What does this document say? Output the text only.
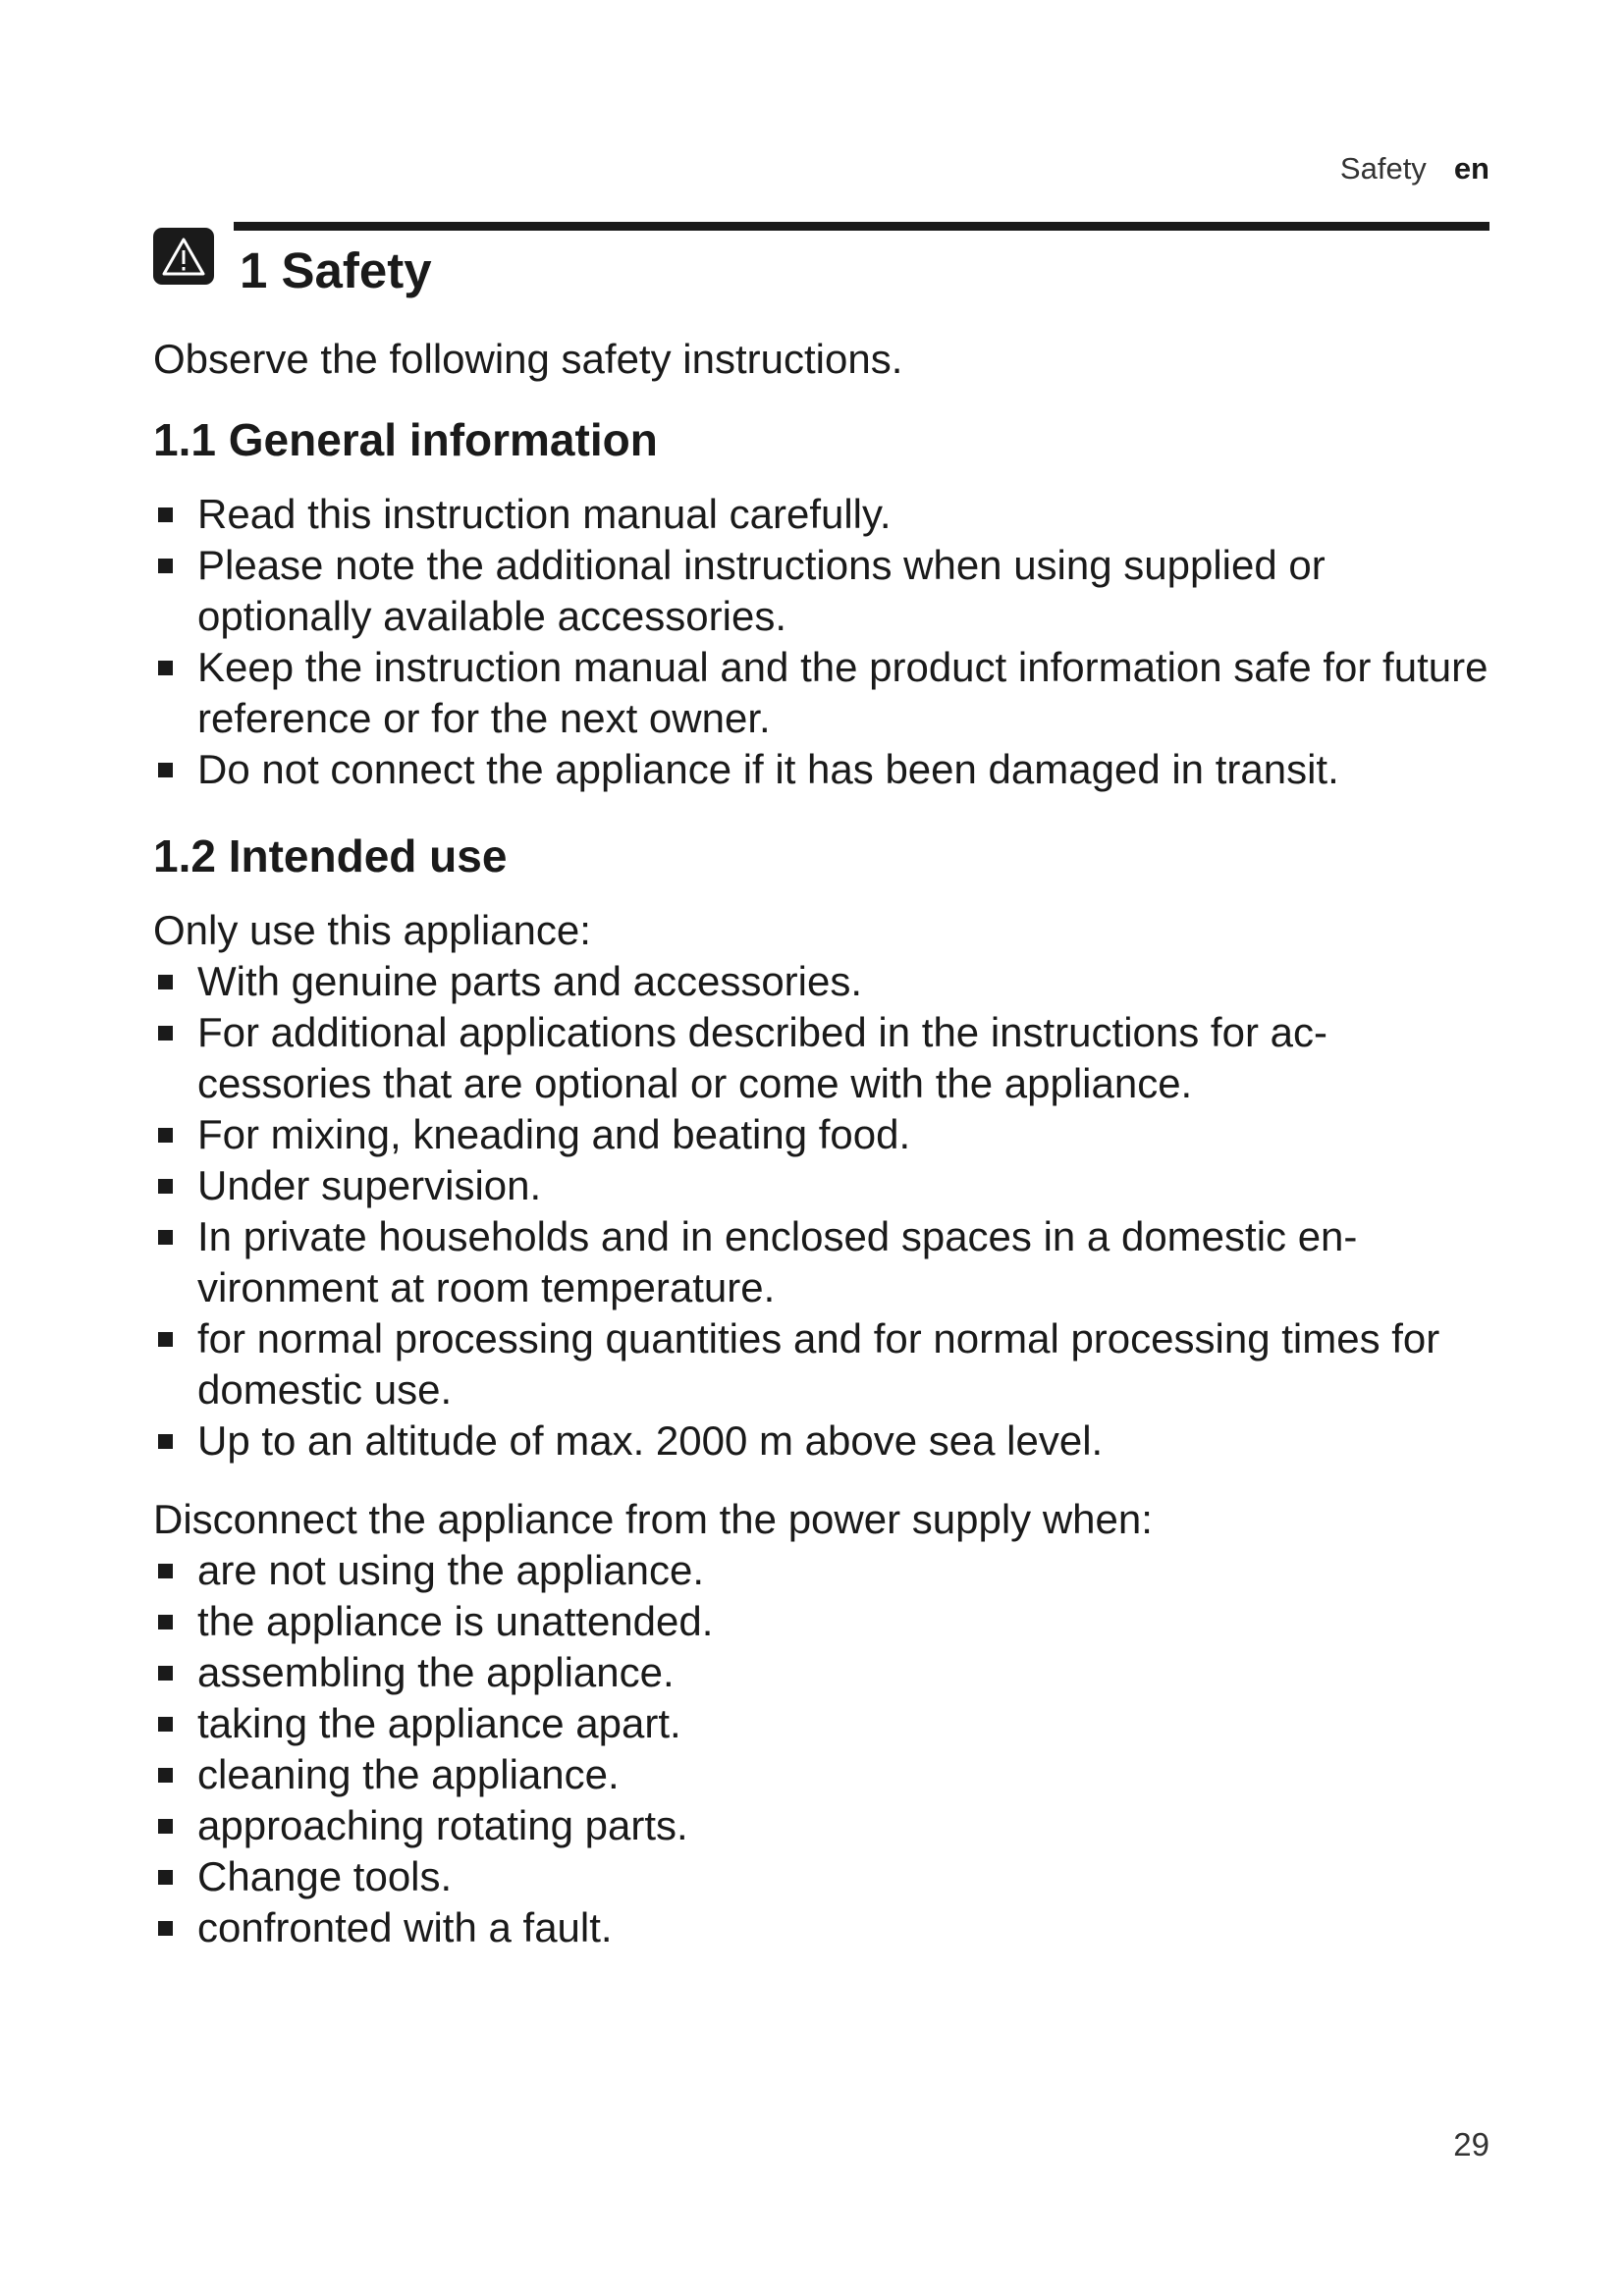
Safety en
1 Safety

Observe the following safety instructions.

1.1 General information
Read this instruction manual carefully.
Please note the additional instructions when using supplied or optionally available accessories.
Keep the instruction manual and the product information safe for future reference or for the next owner.
Do not connect the appliance if it has been damaged in transit.
1.2 Intended use

Only use this appliance:

With genuine parts and accessories.
For additional applications described in the instructions for ac-cessories that are optional or come with the appliance.
For mixing, kneading and beating food.
Under supervision.
In private households and in enclosed spaces in a domestic en-vironment at room temperature.
for normal processing quantities and for normal processing times for domestic use.
Up to an altitude of max. 2000 m above sea level.

Disconnect the appliance from the power supply when:

are not using the appliance.
the appliance is unattended.
assembling the appliance.
taking the appliance apart.
cleaning the appliance.
approaching rotating parts.
Change tools.
confronted with a fault.
29
